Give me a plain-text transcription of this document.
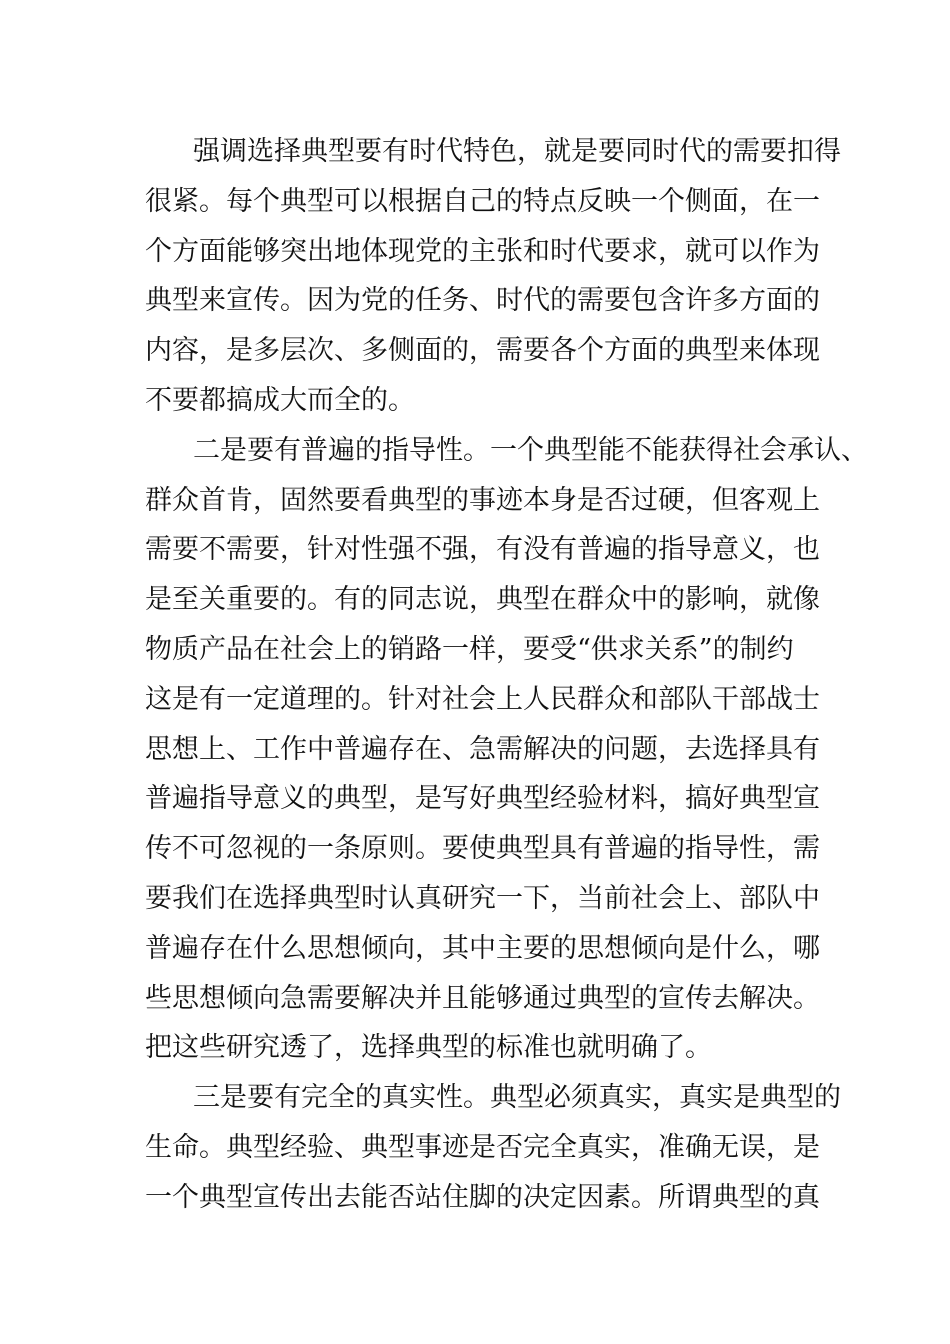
强调选择典型要有时代特色，就是要同时代的需要扣得
很紧。每个典型可以根据自己的特点反映一个侧面，在一
个方面能够突出地体现党的主张和时代要求，就可以作为
典型来宣传。因为党的任务、时代的需要包含许多方面的
内容，是多层次、多侧面的，需要各个方面的典型来体现
不要都搞成大而全的。
二是要有普遍的指导性。一个典型能不能获得社会承认、
群众首肯，固然要看典型的事迹本身是否过硬，但客观上
需要不需要，针对性强不强，有没有普遍的指导意义，也
是至关重要的。有的同志说，典型在群众中的影响，就像
物质产品在社会上的销路一样，要受“供求关系”的制约
这是有一定道理的。针对社会上人民群众和部队干部战士
思想上、工作中普遍存在、急需解决的问题，去选择具有
普遍指导意义的典型，是写好典型经验材料，搞好典型宣
传不可忽视的一条原则。要使典型具有普遍的指导性，需
要我们在选择典型时认真研究一下，当前社会上、部队中
普遍存在什么思想倾向，其中主要的思想倾向是什么，哪
些思想倾向急需要解决并且能够通过典型的宣传去解决。
把这些研究透了，选择典型的标准也就明确了。
三是要有完全的真实性。典型必须真实，真实是典型的
生命。典型经验、典型事迹是否完全真实，准确无误，是
一个典型宣传出去能否站住脚的决定因素。所谓典型的真
